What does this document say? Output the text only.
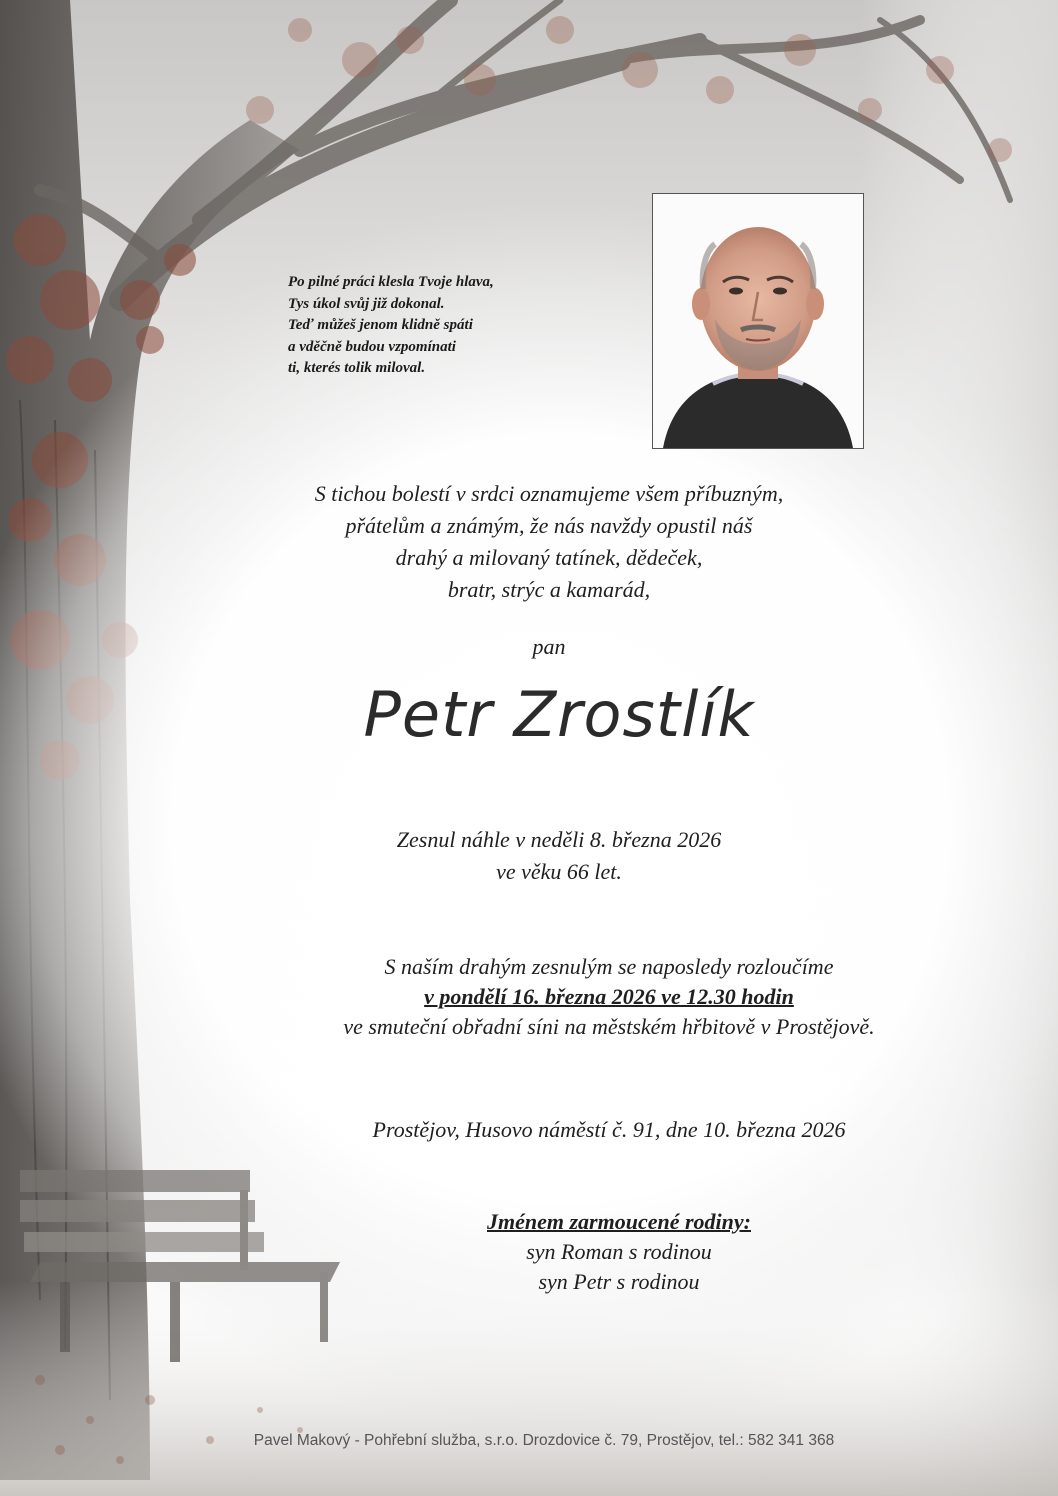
Po pilné práci klesla Tvoje hlava,
Tys úkol svůj již dokonal.
Teď můžeš jenom klidně spáti
a vděčně budou vzpomínati
ti, kterés tolik miloval.
S tichou bolestí v srdci oznamujeme všem příbuzným,
přátelům a známým, že nás navždy opustil náš
drahý a milovaný tatínek, dědeček,
bratr, strýc a kamarád,
pan
Petr Zrostlík
Zesnul náhle v neděli 8. března 2026
ve věku 66 let.
S naším drahým zesnulým se naposledy rozloučíme
v pondělí 16. března 2026 ve 12.30 hodin
ve smuteční obřadní síni na městském hřbitově v Prostějově.
Prostějov, Husovo náměstí č. 91, dne 10. března 2026
Jménem zarmoucené rodiny:
syn Roman s rodinou
syn Petr s rodinou
Pavel Makový - Pohřební služba, s.r.o. Drozdovice č. 79, Prostějov, tel.: 582 341 368
